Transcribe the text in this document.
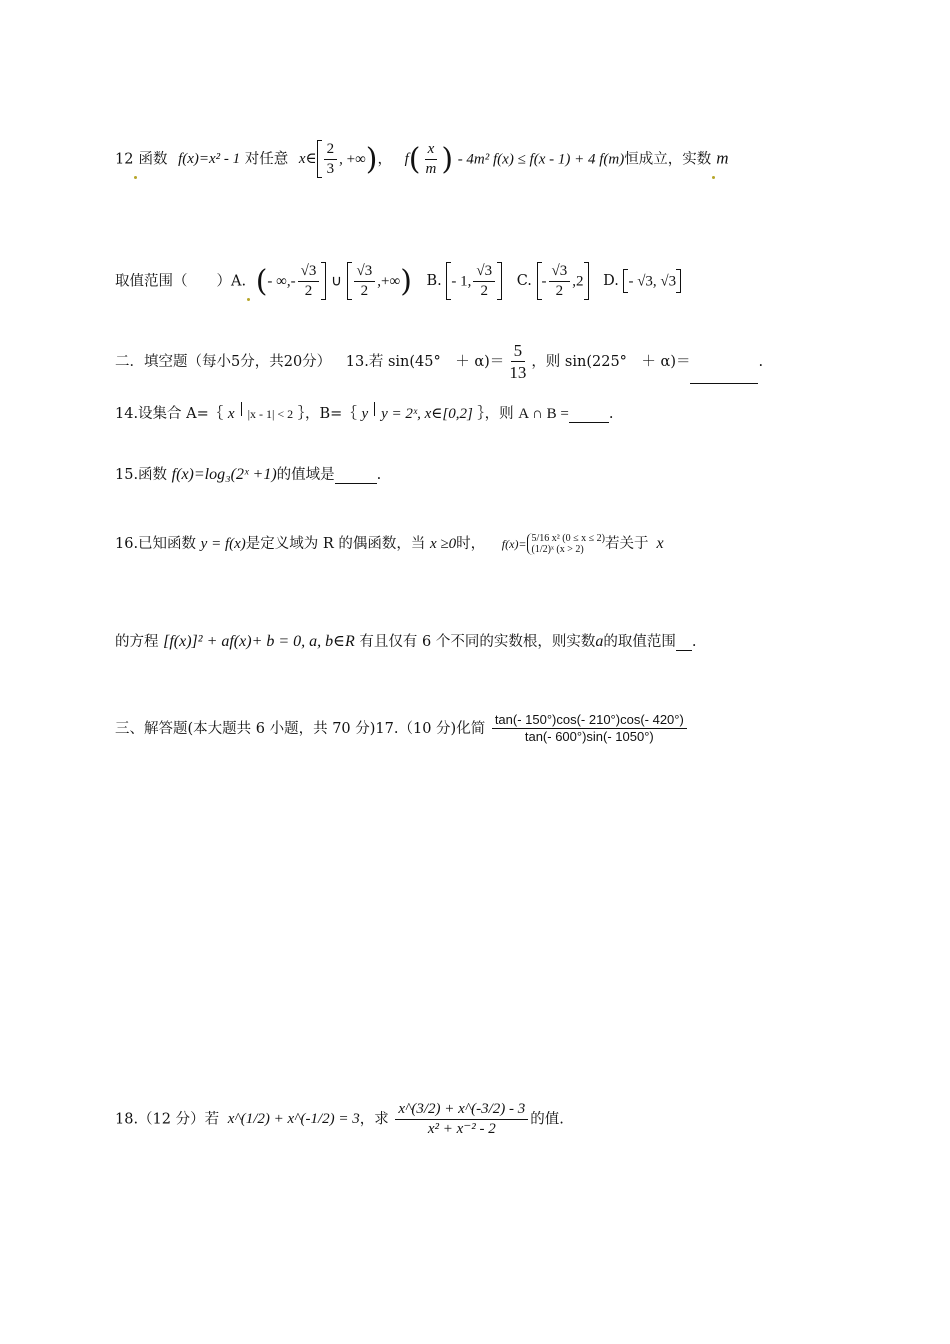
12 函数 f(x)=x² - 1 对任意 x∈ $\frac{2}{3}$ , +∞)， $f( \frac{x}{m}$ ) - 4m² f(x) ≤ f(x - 1) + 4 f(m)恒成立，实数 m
取值范围（　　）A. (- ∞,- $\frac{√3}{2}$ ∪ $\frac{√3}{2}$ ,+∞) B. - 1, $\frac{√3}{2} C$. - $\frac{√3}{2} ,2$ D. - √3, √3
二．填空题（每小5分，共20分） 13.若 sin(45°　＋ $\alpha)= \frac{5}{13}$ ，则 sin(225°　＋ α)＝	.
14.设集合 A=｛ x |x - 1| < 2 ｝，B=｛ y y = 2ˣ, x∈[0,2] ｝，则 A ∩ B =	.
15.函数 f(x)=log₃(2ˣ +1)的值域是	.
16.已知函数 y = f(x)是定义域为 R 的偶函数，当 x ≥0时， f(x)= 5/16 x² (0 ≤ x ≤ 2)
(1/2)ˣ (x > 2)	若关于 x
的方程 [f(x)]² + af(x)+ b = 0, a, b∈R 有且仅有 6 个不同的实数根，则实数a的取值范围 .
三、解答题(本大题共 6 小题，共 70 分)17.（10 分)化简 $\frac{\tan(- 150^\circ)\cos(- 210^\circ)\cos(- 420^\circ)}{\tan(- 600^\circ)\sin(- 1050^\circ)}$
18.（12 分）若 x^(1/2) + x^(-1/2) = 3，求 $\frac{x\^{}(3/2) + x\^{}(-3/2) - 3}{\text{x² + x⁻² - 2}}$ 的值.
